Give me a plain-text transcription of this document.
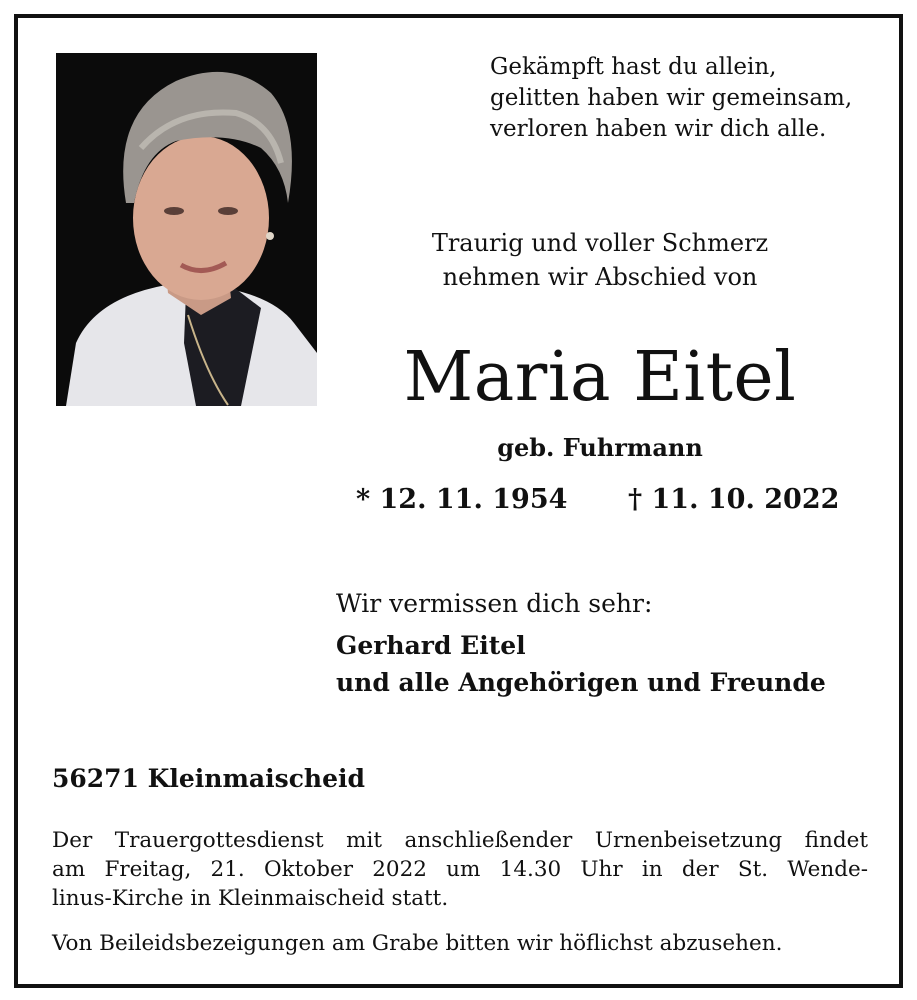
Gekämpft hast du allein,
gelitten haben wir gemeinsam,
verloren haben wir dich alle.
Traurig und voller Schmerz
nehmen wir Abschied von
Maria Eitel
geb. Fuhrmann
* 12. 11. 1954 † 11. 10. 2022
Wir vermissen dich sehr:
Gerhard Eitel
und alle Angehörigen und Freunde
56271 Kleinmaischeid
Der Trauergottesdienst mit anschließender Urnenbeisetzung findet
am Freitag, 21. Oktober 2022 um 14.30 Uhr in der St. Wende-
linus-Kirche in Kleinmaischeid statt.
Von Beileidsbezeigungen am Grabe bitten wir höflichst abzusehen.
